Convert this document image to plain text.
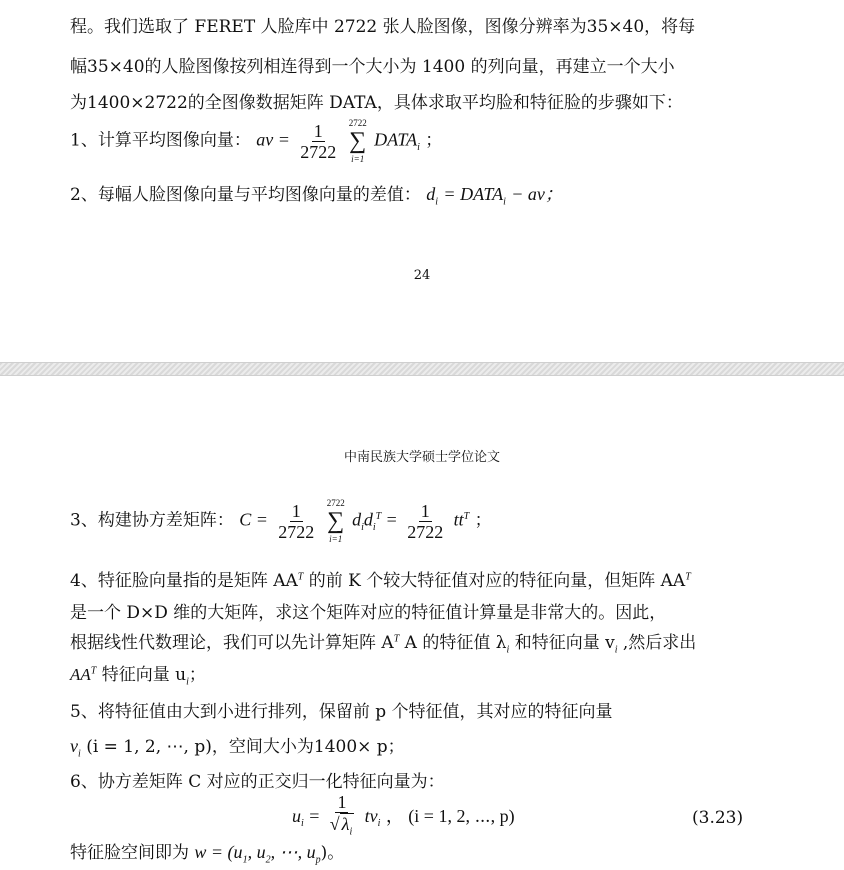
程。我们选取了 FERET 人脸库中 2722 张人脸图像，图像分辨率为35×40，将每
幅35×40的人脸图像按列相连得到一个大小为 1400 的列向量，再建立一个大小
为1400×2722的全图像数据矩阵 DATA，具体求取平均脸和特征脸的步骤如下：
1、计算平均图像向量： av = $\frac{1}{2722}$
2722
∑
i=1
$DATA_i$ ；
2、每幅人脸图像向量与平均图像向量的差值： $d_i$ = $DATA_i$ − av；
24
中南民族大学硕士学位论文
3、构建协方差矩阵： $C = \frac{1}{2722}$
2722
∑
i=1
$d_id_i^T = \frac{1}{2722} tt^T$ ；
4、特征脸向量指的是矩阵 $AA^T$ 的前 K 个较大特征值对应的特征向量，但矩阵 $AA^T$
是一个 D×D 维的大矩阵，求这个矩阵对应的特征值计算量是非常大的。因此，
根据线性代数理论，我们可以先计算矩阵 $A^T$ A 的特征值 $\lambda_i$ 和特征向量 $v_i$ ,然后求出
$AA^T$ 特征向量 $u_i$；
5、将特征值由大到小进行排列，保留前 p 个特征值，其对应的特征向量
$v_i$ (i = 1, 2, ⋯, p)，空间大小为1400× p；
6、协方差矩阵 C 对应的正交归一化特征向量为：
$u_i = \frac{1}{√ \lambda_i} tv_i$ ， (i = 1, 2, ⋯, p)	(3.23)
特征脸空间即为 $w = (u_1$, $u_2$, ⋯, $u_p$)。
